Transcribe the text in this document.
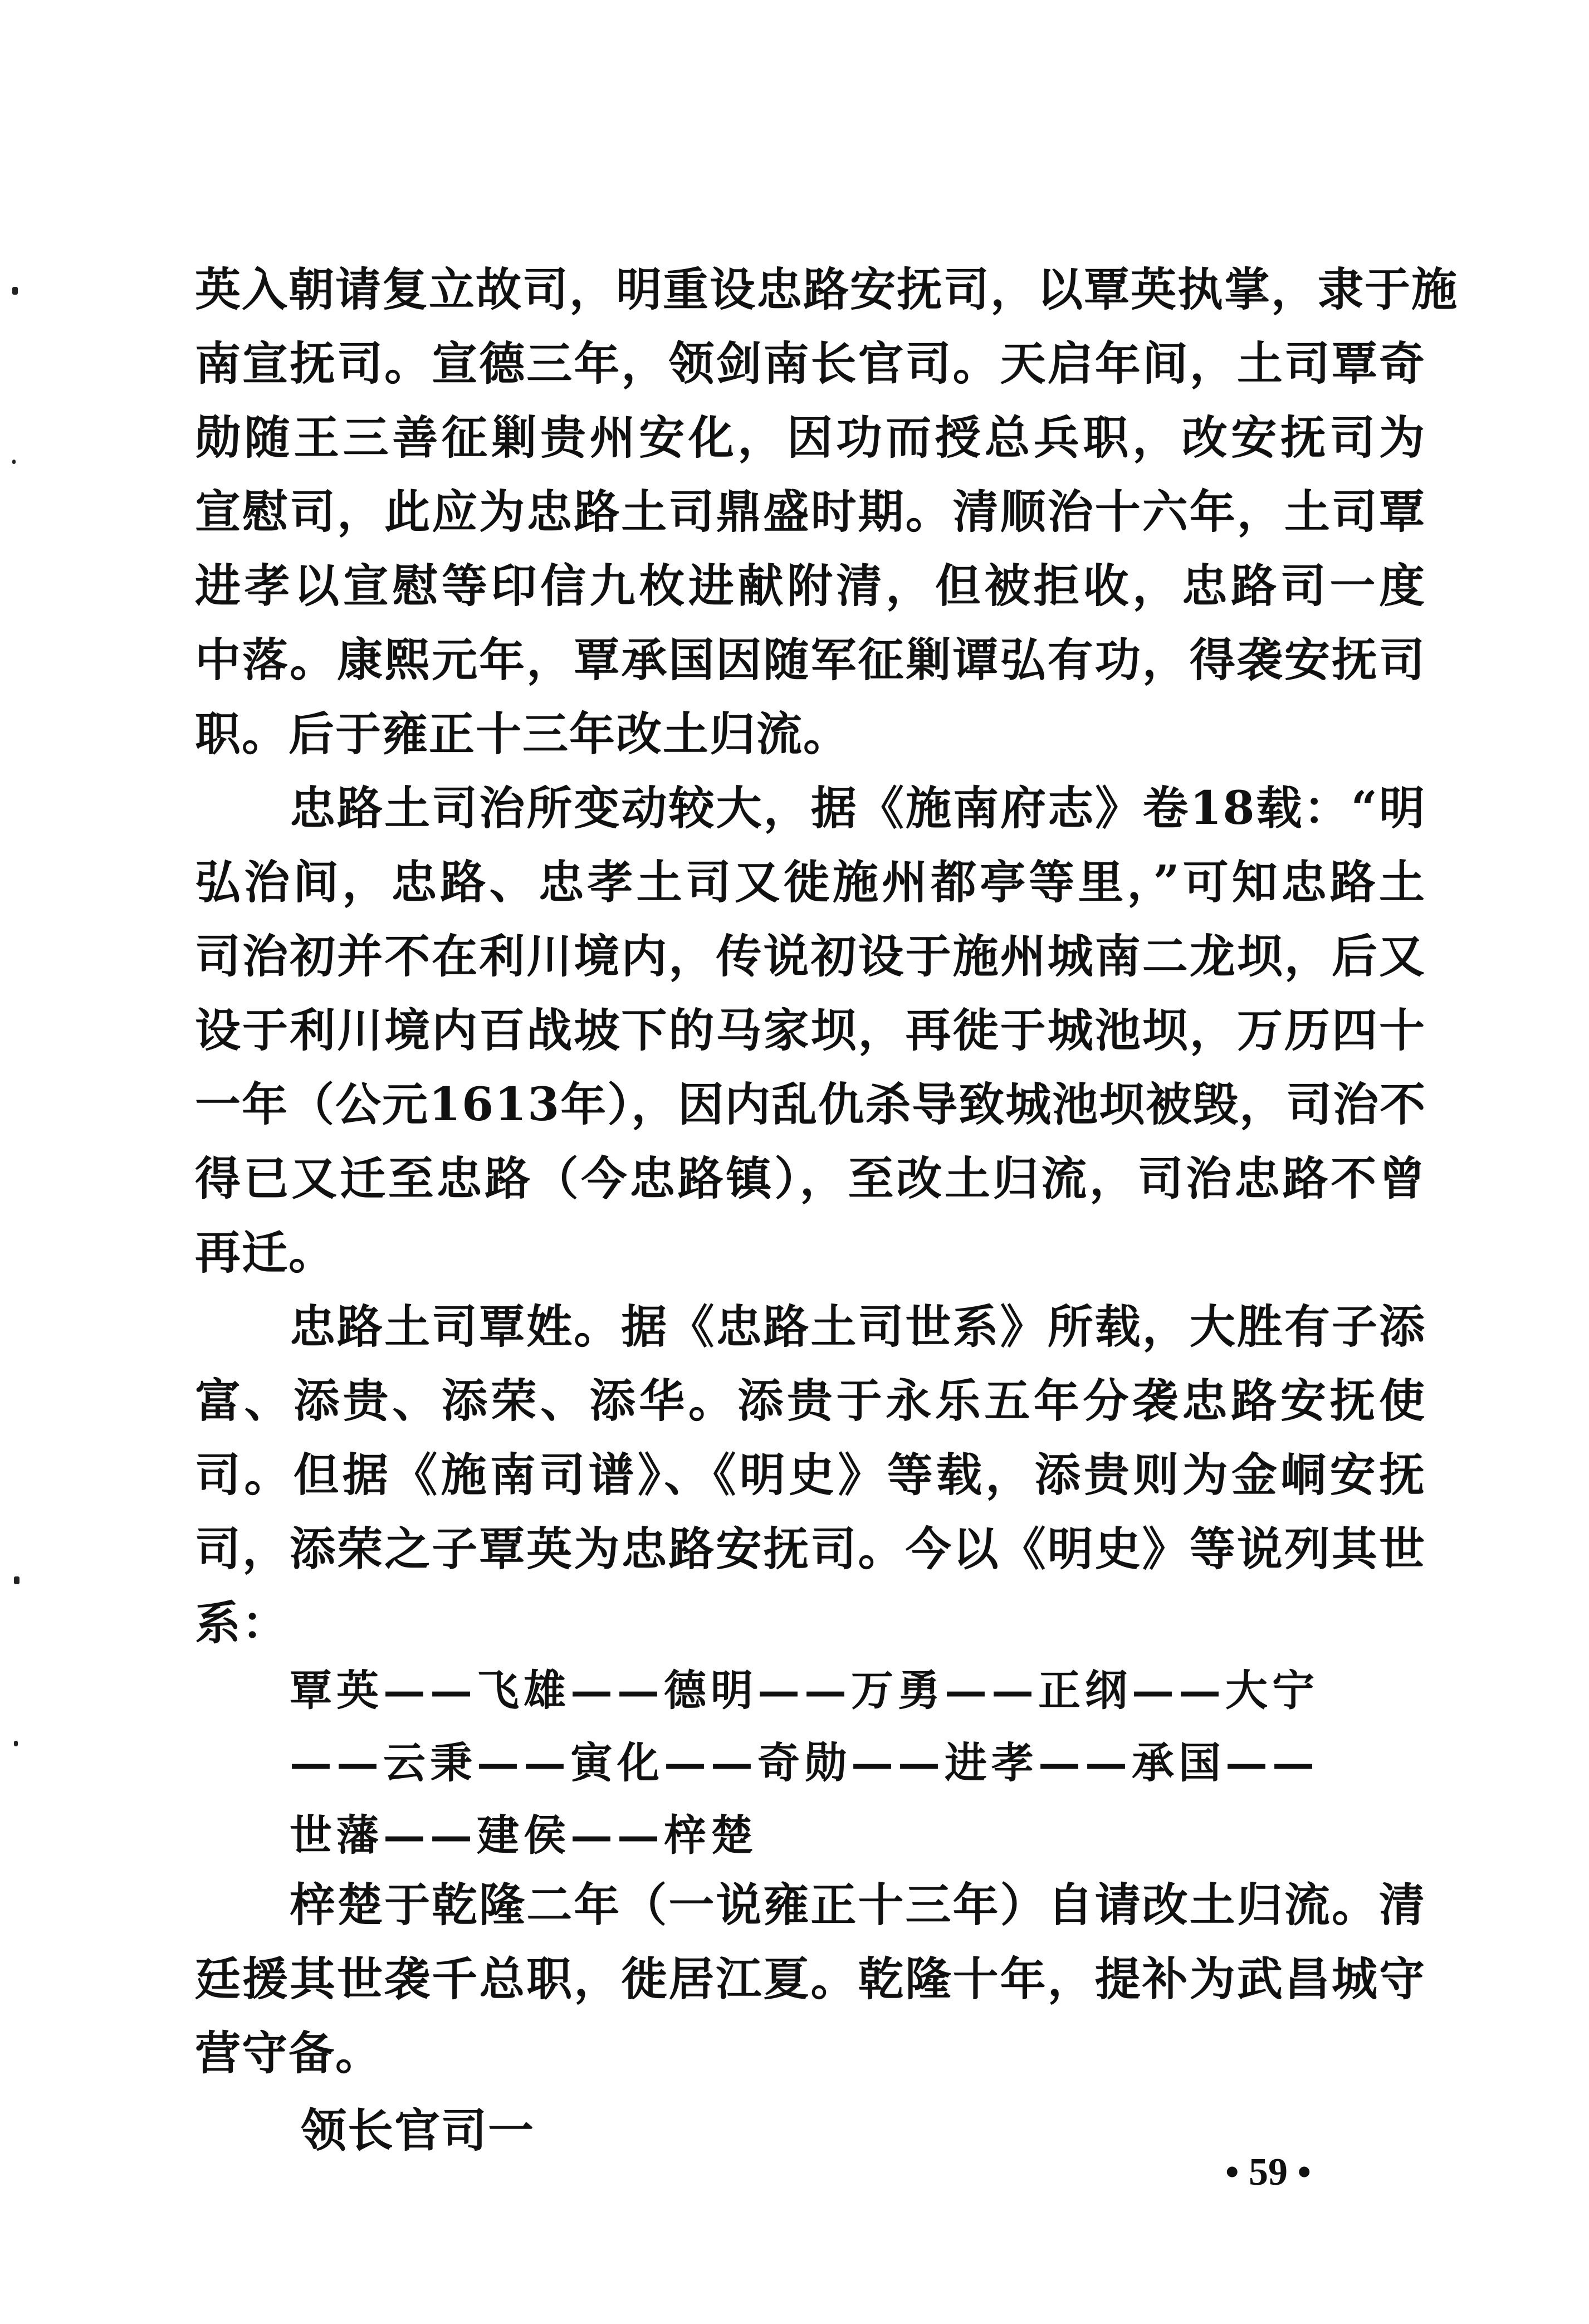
英入朝请复立故司，明重设忠路安抚司，以覃英执掌，隶于施
南宣抚司。宣德三年，领剑南长官司。天启年间，土司覃奇
勋随王三善征剿贵州安化，因功而授总兵职，改安抚司为
宣慰司，此应为忠路土司鼎盛时期。清顺治十六年，土司覃
进孝以宣慰等印信九枚进献附清，但被拒收，忠路司一度
中落。康熙元年，覃承国因随军征剿谭弘有功，得袭安抚司
职。后于雍正十三年改土归流。
忠路土司治所变动较大，据《施南府志》卷18载：“明
弘治间，忠路、忠孝土司又徙施州都亭等里，”可知忠路土
司治初并不在利川境内，传说初设于施州城南二龙坝，后又
设于利川境内百战坡下的马家坝，再徙于城池坝，万历四十
一年（公元1613年），因内乱仇杀导致城池坝被毁，司治不
得已又迁至忠路（今忠路镇），至改土归流，司治忠路不曾
再迁。
忠路土司覃姓。据《忠路土司世系》所载，大胜有子添
富、添贵、添荣、添华。添贵于永乐五年分袭忠路安抚使
司。但据《施南司谱》、《明史》等载，添贵则为金峒安抚
司，添荣之子覃英为忠路安抚司。今以《明史》等说列其世
系：
覃英——飞雄——德明——万勇——正纲——大宁
——云秉——寅化——奇勋——进孝——承国——
世藩——建侯——梓楚
梓楚于乾隆二年（一说雍正十三年）自请改土归流。清
廷援其世袭千总职，徙居江夏。乾隆十年，提补为武昌城守
营守备。
领长官司一
• 59 •
